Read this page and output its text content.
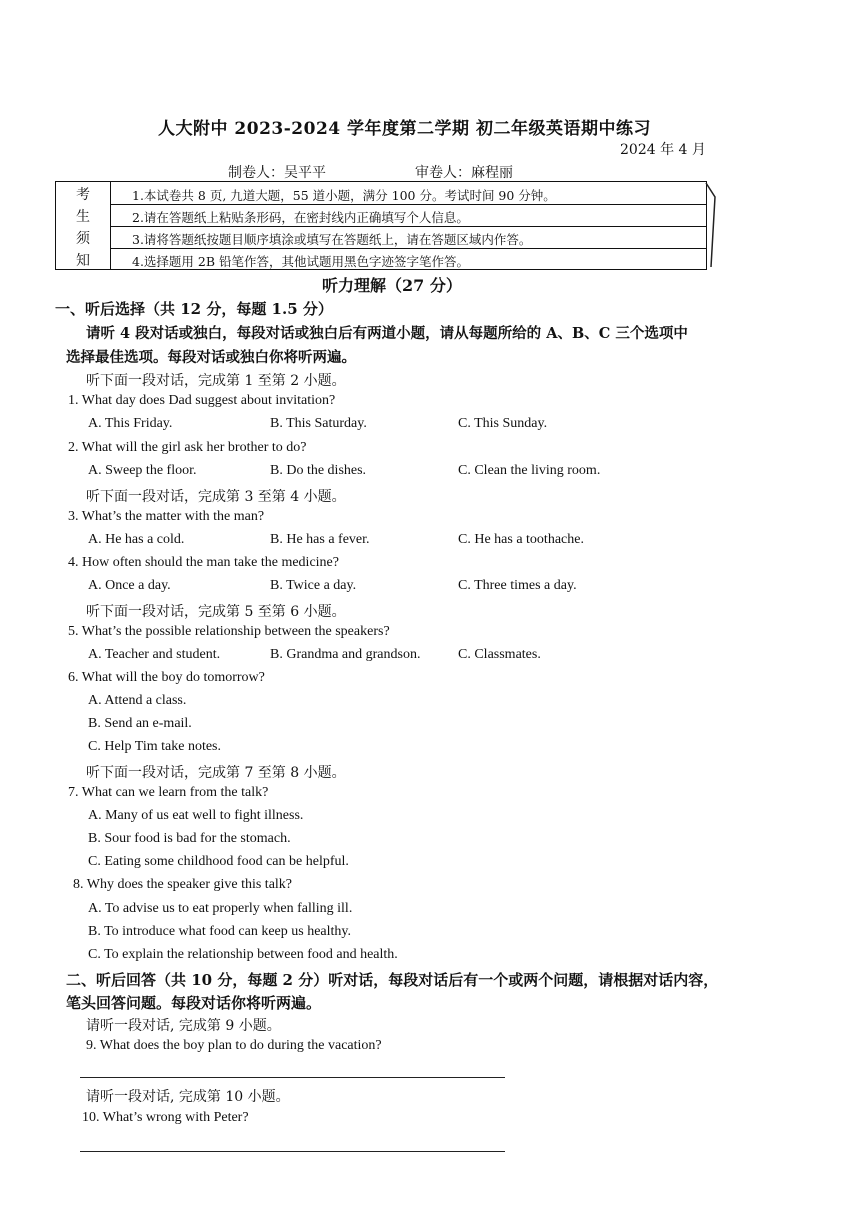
人大附中 2023-2024 学年度第二学期 初二年级英语期中练习
2024 年 4 月
制卷人：吴平平	审卷人：麻程丽
考
生
须
知
1.本试卷共 8 页, 九道大题，55 道小题，满分 100 分。考试时间 90 分钟。
2.请在答题纸上粘贴条形码，在密封线内正确填写个人信息。
3.请将答题纸按题目顺序填涂或填写在答题纸上，请在答题区域内作答。
4.选择题用 2B 铅笔作答，其他试题用黑色字迹签字笔作答。
听力理解（27 分）
一、听后选择（共 12 分，每题 1.5 分）
请听 4 段对话或独白，每段对话或独白后有两道小题，请从每题所给的 A、B、C 三个选项中
选择最佳选项。每段对话或独白你将听两遍。
听下面一段对话，完成第 1 至第 2 小题。
1. What day does Dad suggest about invitation?
A. This Friday.	B. This Saturday.	C. This Sunday.
2. What will the girl ask her brother to do?
A. Sweep the floor.	B. Do the dishes.	C. Clean the living room.
听下面一段对话，完成第 3 至第 4 小题。
3. What’s the matter with the man?
A. He has a cold.	B. He has a fever.	C. He has a toothache.
4. How often should the man take the medicine?
A. Once a day.	B. Twice a day.	C. Three times a day.
听下面一段对话，完成第 5 至第 6 小题。
5. What’s the possible relationship between the speakers?
A. Teacher and student.	B. Grandma and grandson.	C. Classmates.
6. What will the boy do tomorrow?
A. Attend a class.
B. Send an e-mail.
C. Help Tim take notes.
听下面一段对话，完成第 7 至第 8 小题。
7. What can we learn from the talk?
A. Many of us eat well to fight illness.
B. Sour food is bad for the stomach.
C. Eating some childhood food can be helpful.
8. Why does the speaker give this talk?
A. To advise us to eat properly when falling ill.
B. To introduce what food can keep us healthy.
C. To explain the relationship between food and health.
二、听后回答（共 10 分，每题 2 分）听对话，每段对话后有一个或两个问题，请根据对话内容，
笔头回答问题。每段对话你将听两遍。
请听一段对话, 完成第 9 小题。
9. What does the boy plan to do during the vacation?
请听一段对话, 完成第 10 小题。
10. What’s wrong with Peter?
